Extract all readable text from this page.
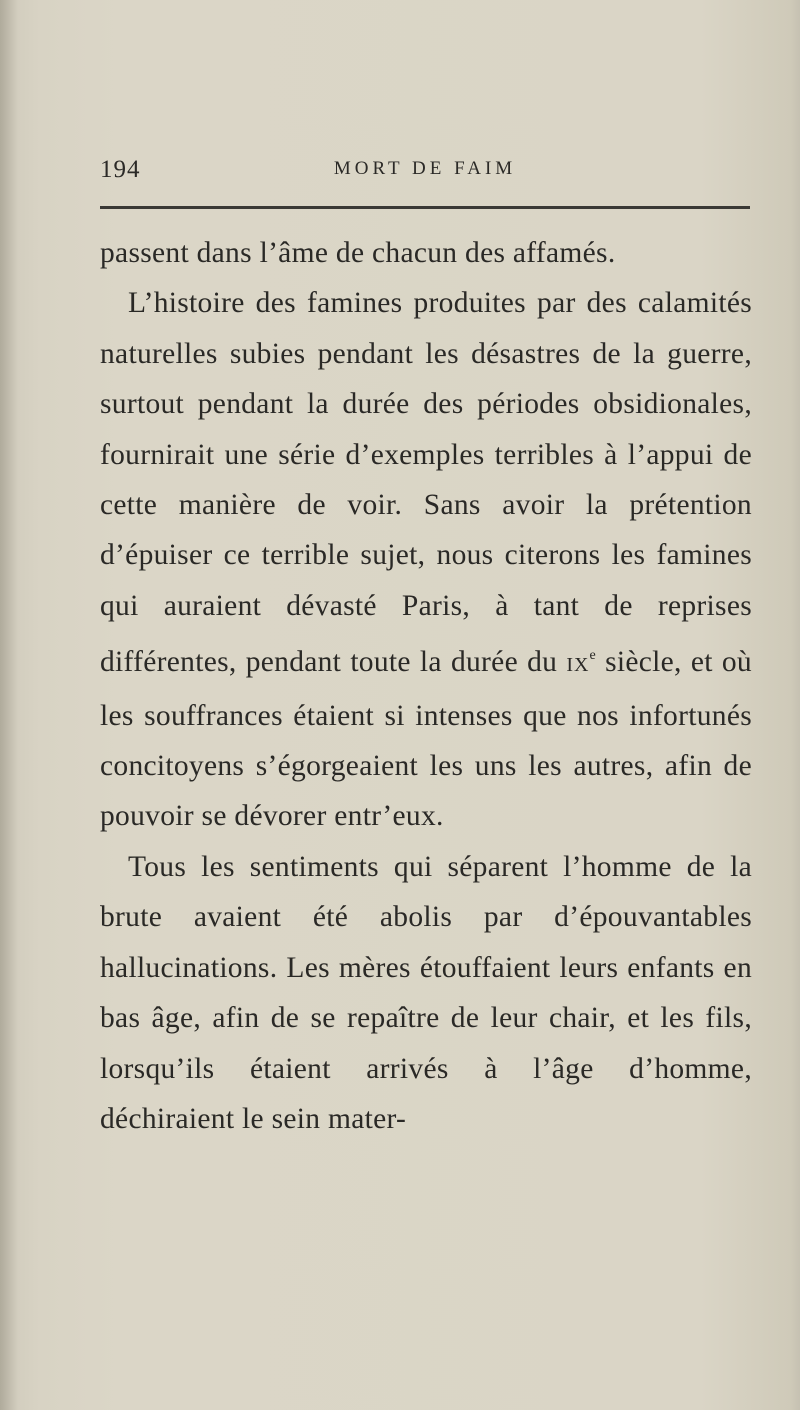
194	MORT DE FAIM

passent dans l’âme de chacun des affamés.

L’histoire des famines produites par des calamités naturelles subies pendant les désastres de la guerre, surtout pendant la durée des périodes obsidionales, fournirait une série d’exemples terribles à l’appui de cette manière de voir. Sans avoir la prétention d’épuiser ce terrible sujet, nous citerons les famines qui auraient dévasté Paris, à tant de reprises différentes, pendant toute la durée du IXe siècle, et où les souffrances étaient si intenses que nos infortunés concitoyens s’égorgeaient les uns les autres, afin de pouvoir se dévorer entr’eux.

Tous les sentiments qui séparent l’homme de la brute avaient été abolis par d’épouvantables hallucinations. Les mères étouffaient leurs enfants en bas âge, afin de se repaître de leur chair, et les fils, lorsqu’ils étaient arrivés à l’âge d’homme, déchiraient le sein mater-
